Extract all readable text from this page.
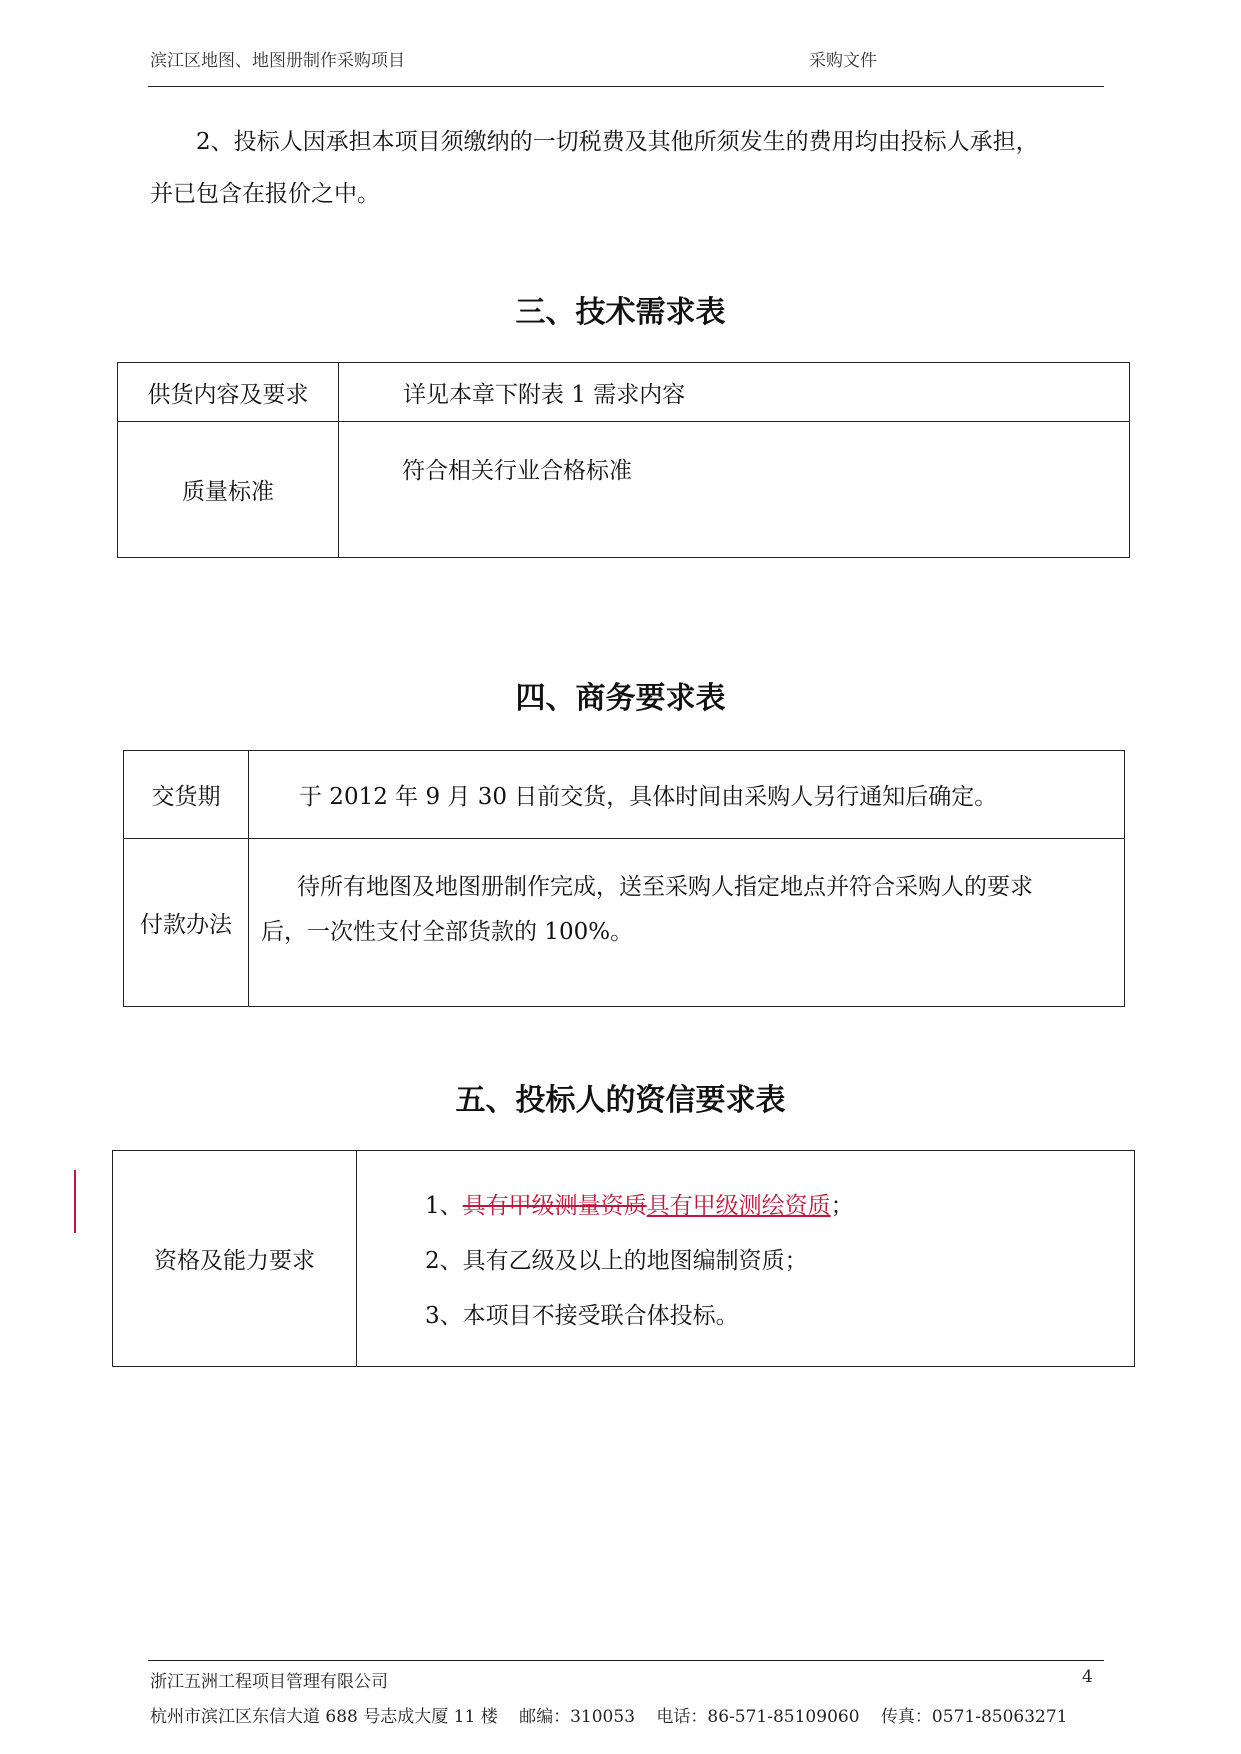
滨江区地图、地图册制作采购项目	采购文件
2、投标人因承担本项目须缴纳的一切税费及其他所须发生的费用均由投标人承担，
并已包含在报价之中。
三、技术需求表
供货内容及要求	详见本章下附表 1 需求内容
质量标准	符合相关行业合格标准
四、商务要求表
交货期	于 2012 年 9 月 30 日前交货，具体时间由采购人另行通知后确定。
付款办法	待所有地图及地图册制作完成，送至采购人指定地点并符合采购人的要求
后，一次性支付全部货款的 100%。
五、投标人的资信要求表
资格及能力要求	
1、具有甲级测量资质具有甲级测绘资质；
2、具有乙级及以上的地图编制资质；
3、本项目不接受联合体投标。
浙江五洲工程项目管理有限公司	4
杭州市滨江区东信大道 688 号志成大厦 11 楼 邮编：310053 电话：86-571-85109060 传真：0571-85063271
